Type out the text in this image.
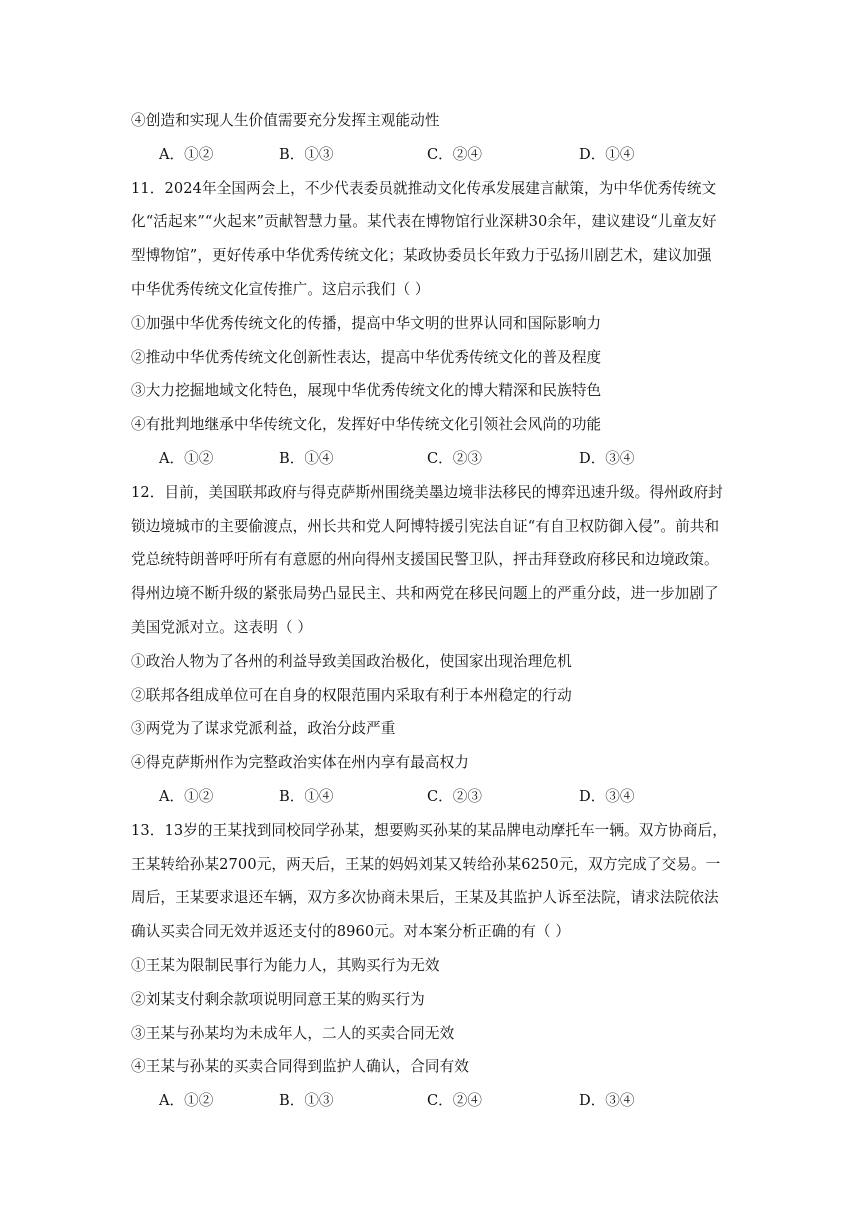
④创造和实现人生价值需要充分发挥主观能动性
A．①②	B．①③	C．②④	D．①④
11．2024年全国两会上，不少代表委员就推动文化传承发展建言献策，为中华优秀传统文
化“活起来”“火起来”贡献智慧力量。某代表在博物馆行业深耕30余年，建议建设“儿童友好
型博物馆”，更好传承中华优秀传统文化；某政协委员长年致力于弘扬川剧艺术，建议加强
中华优秀传统文化宣传推广。这启示我们（ ）
①加强中华优秀传统文化的传播，提高中华文明的世界认同和国际影响力
②推动中华优秀传统文化创新性表达，提高中华优秀传统文化的普及程度
③大力挖掘地域文化特色，展现中华优秀传统文化的博大精深和民族特色
④有批判地继承中华传统文化，发挥好中华传统文化引领社会风尚的功能
A．①②	B．①④	C．②③	D．③④
12．目前，美国联邦政府与得克萨斯州围绕美墨边境非法移民的博弈迅速升级。得州政府封
锁边境城市的主要偷渡点，州长共和党人阿博特援引宪法自证“有自卫权防御入侵”。前共和
党总统特朗普呼吁所有有意愿的州向得州支援国民警卫队，抨击拜登政府移民和边境政策。
得州边境不断升级的紧张局势凸显民主、共和两党在移民问题上的严重分歧，进一步加剧了
美国党派对立。这表明（ ）
①政治人物为了各州的利益导致美国政治极化，使国家出现治理危机
②联邦各组成单位可在自身的权限范围内采取有利于本州稳定的行动
③两党为了谋求党派利益，政治分歧严重
④得克萨斯州作为完整政治实体在州内享有最高权力
A．①②	B．①④	C．②③	D．③④
13．13岁的王某找到同校同学孙某，想要购买孙某的某品牌电动摩托车一辆。双方协商后，
王某转给孙某2700元，两天后，王某的妈妈刘某又转给孙某6250元，双方完成了交易。一
周后，王某要求退还车辆，双方多次协商未果后，王某及其监护人诉至法院，请求法院依法
确认买卖合同无效并返还支付的8960元。对本案分析正确的有（ ）
①王某为限制民事行为能力人，其购买行为无效
②刘某支付剩余款项说明同意王某的购买行为
③王某与孙某均为未成年人，二人的买卖合同无效
④王某与孙某的买卖合同得到监护人确认，合同有效
A．①②	B．①③	C．②④	D．③④
